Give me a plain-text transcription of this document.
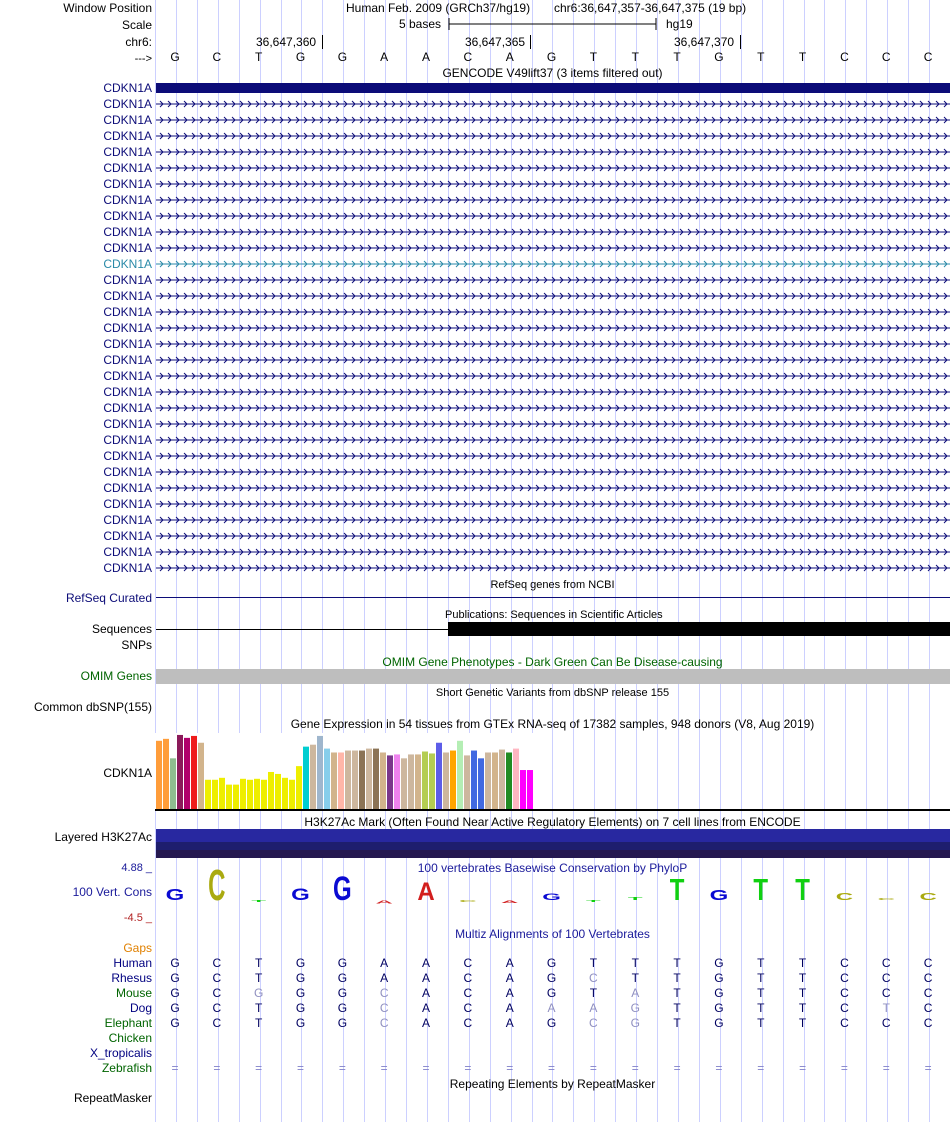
Window Position	Human Feb. 2009 (GRCh37/hg19) chr6:36,647,357-36,647,375 (19 bp)
Scale	5 bases	hg19
chr6:	36,647,360	36,647,365	36,647,370
--->	G	C	T	G	G	A	A	C	A	G	T	T	T	G	T	T	C	C	C
GENCODE V49lift37 (3 items filtered out)
CDKN1A
CDKN1A
CDKN1A
CDKN1A
CDKN1A
CDKN1A
CDKN1A
CDKN1A
CDKN1A
CDKN1A
CDKN1A
CDKN1A
CDKN1A
CDKN1A
CDKN1A
CDKN1A
CDKN1A
CDKN1A
CDKN1A
CDKN1A
CDKN1A
CDKN1A
CDKN1A
CDKN1A
CDKN1A
CDKN1A
CDKN1A
CDKN1A
CDKN1A
CDKN1A
CDKN1A
RefSeq genes from NCBI
RefSeq Curated
Publications: Sequences in Scientific Articles
Sequences
SNPs
OMIM Gene Phenotypes - Dark Green Can Be Disease-causing
OMIM Genes
Short Genetic Variants from dbSNP release 155
Common dbSNP(155)
Gene Expression in 54 tissues from GTEx RNA-seq of 17382 samples, 948 donors (V8, Aug 2019)
CDKN1A
H3K27Ac Mark (Often Found Near Active Regulatory Elements) on 7 cell lines from ENCODE
Layered H3K27Ac
100 vertebrates Basewise Conservation by PhyloP
4.88 _
100 Vert. Cons
-4.5 _
G C T G G A A C A G T
T T G T T C C C
Multiz Alignments of 100 Vertebrates
Gaps
Human	G	C	T	G	G	A	A	C	A	G	T	T	T	G	T	T	C	C	C
Rhesus	G	C	T	G	G	A	A	C	A	G	C	T	T	G	T	T	C	C	C
Mouse	G	C	G	G	G	C	A	C	A	G	T	A	T	G	T	T	C	C	C
Dog	G	C	T	G	G	C	A	C	A	A	A	G	T	G	T	T	C	T	C
Elephant	G	C	T	G	G	C	A	C	A	G	C	G	T	G	T	T	C	C	C
Chicken
X_tropicalis
Zebrafish	=	=	=	=	=	=	=	=	=	=	=	=	=	=	=	=	=	=	=
Repeating Elements by RepeatMasker
RepeatMasker
